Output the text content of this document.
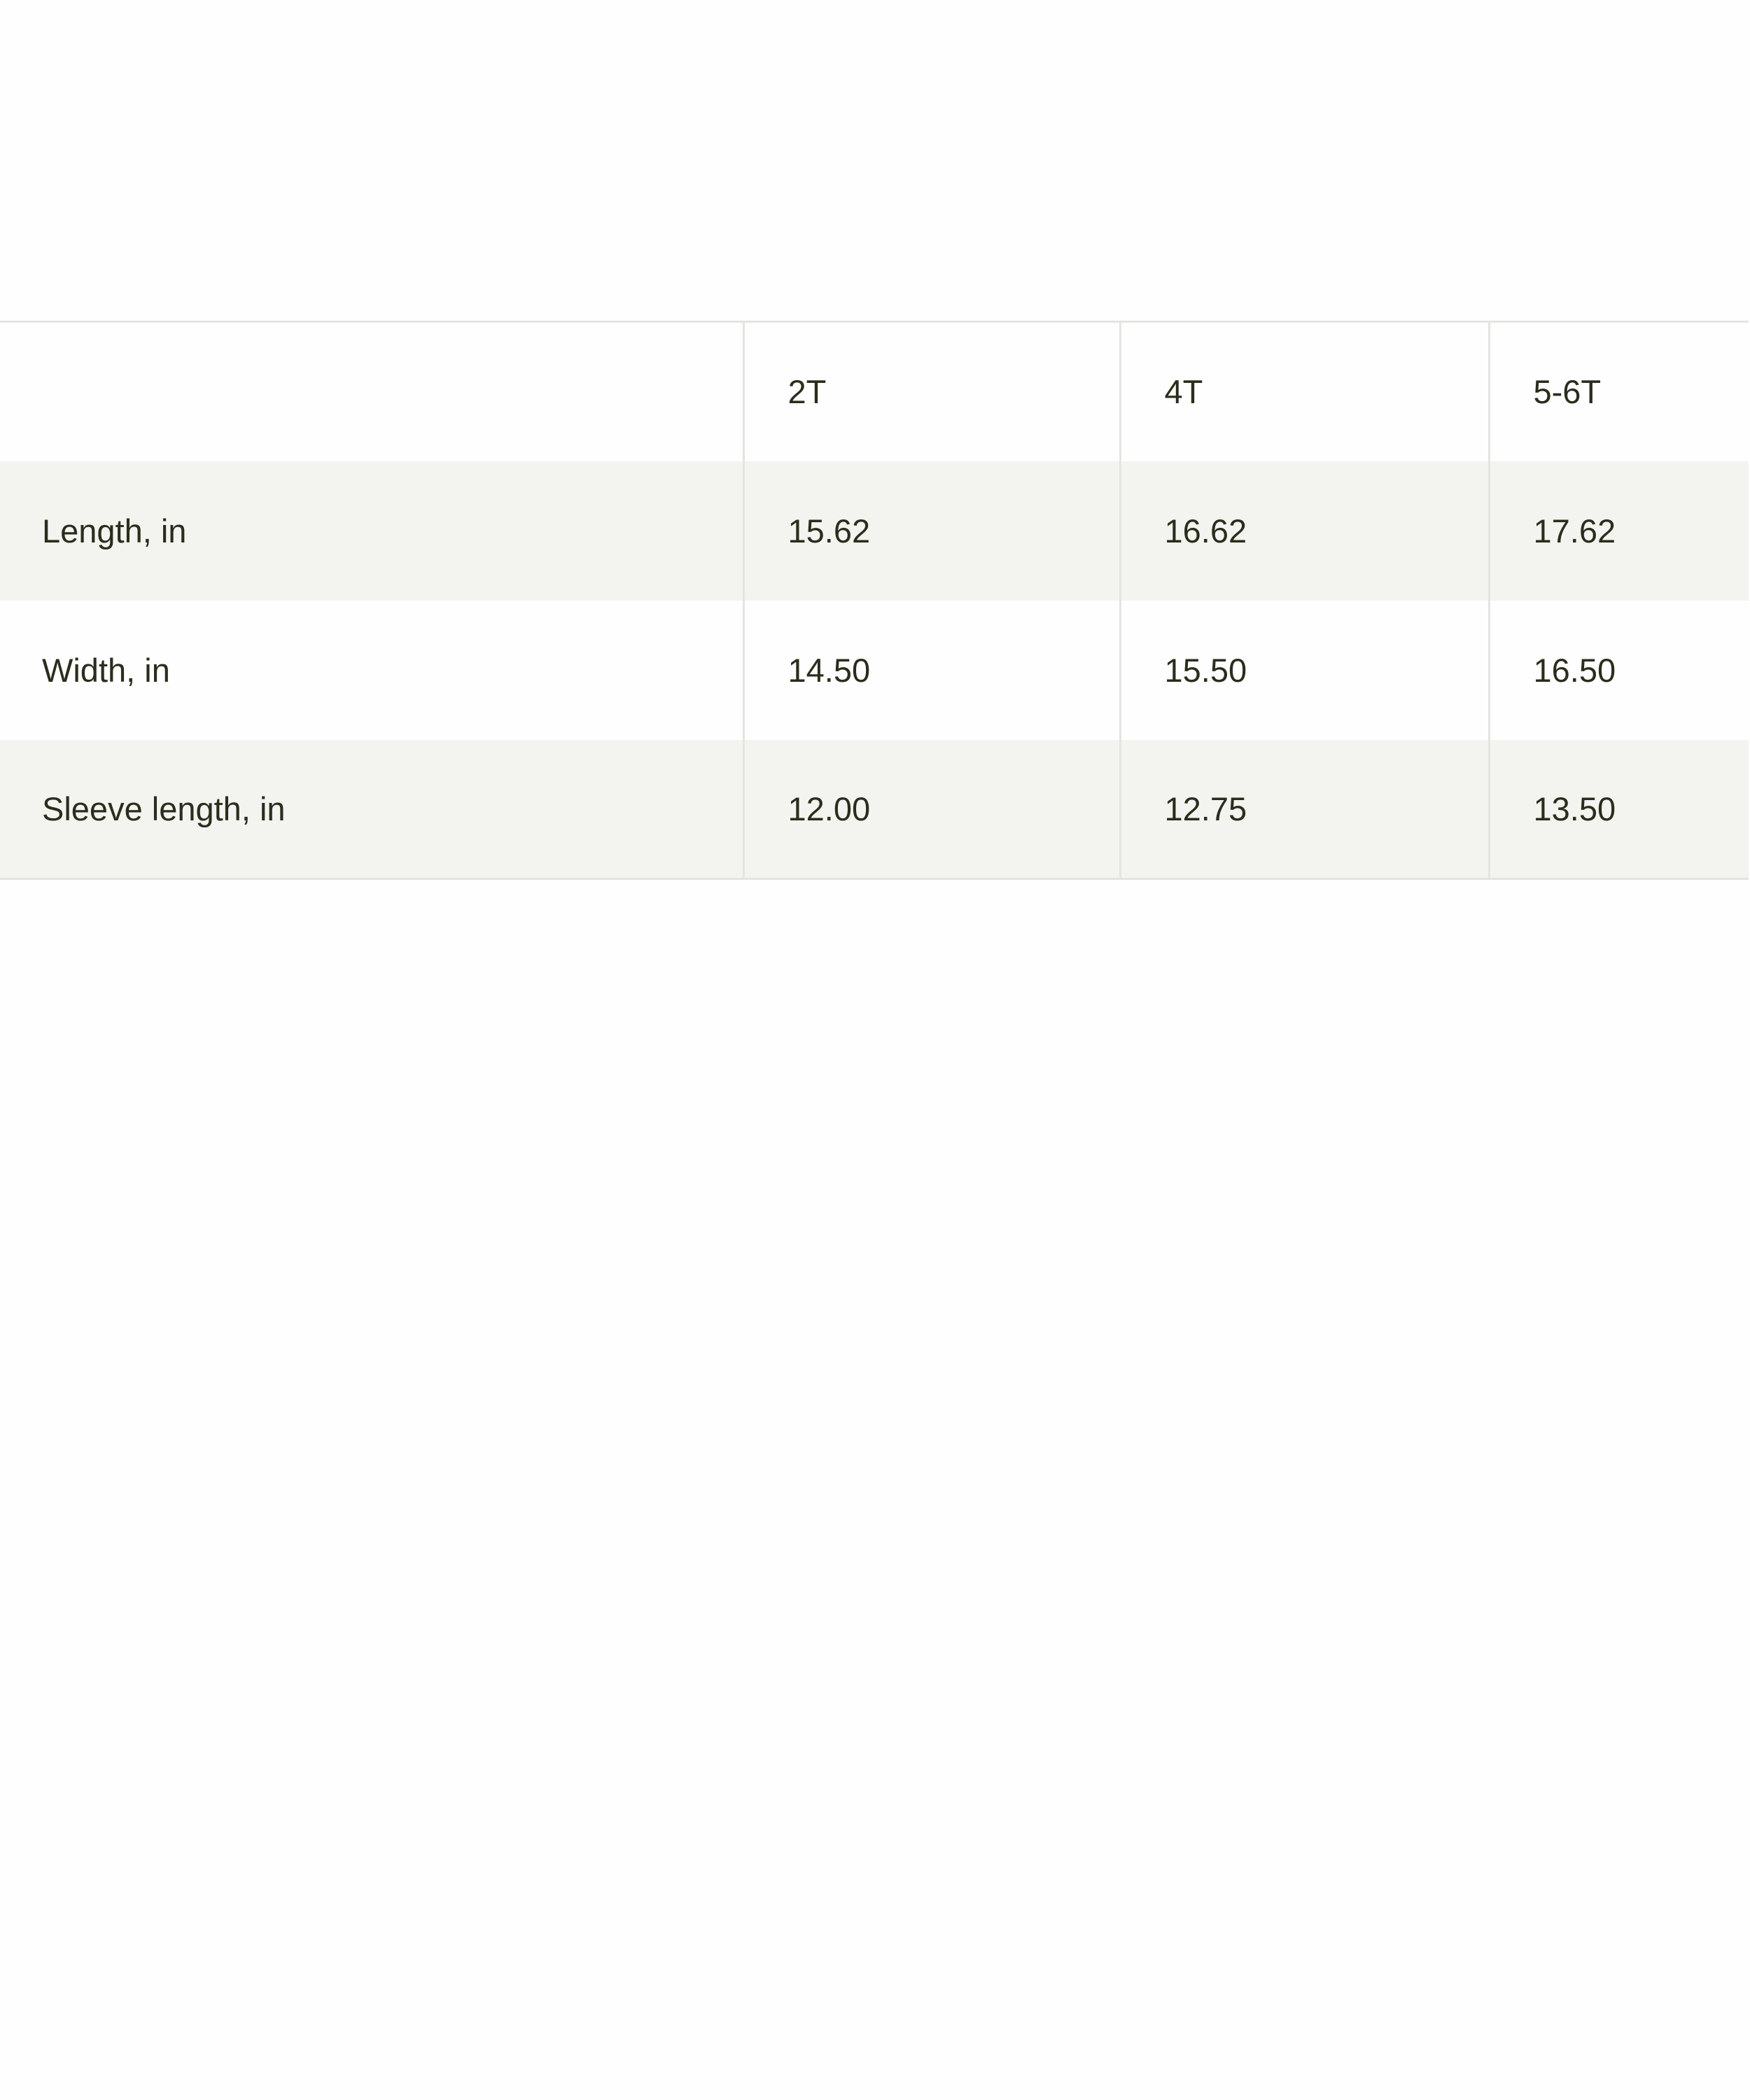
	2T	4T	5-6T
Length, in	15.62	16.62	17.62
Width, in	14.50	15.50	16.50
Sleeve length, in	12.00	12.75	13.50
